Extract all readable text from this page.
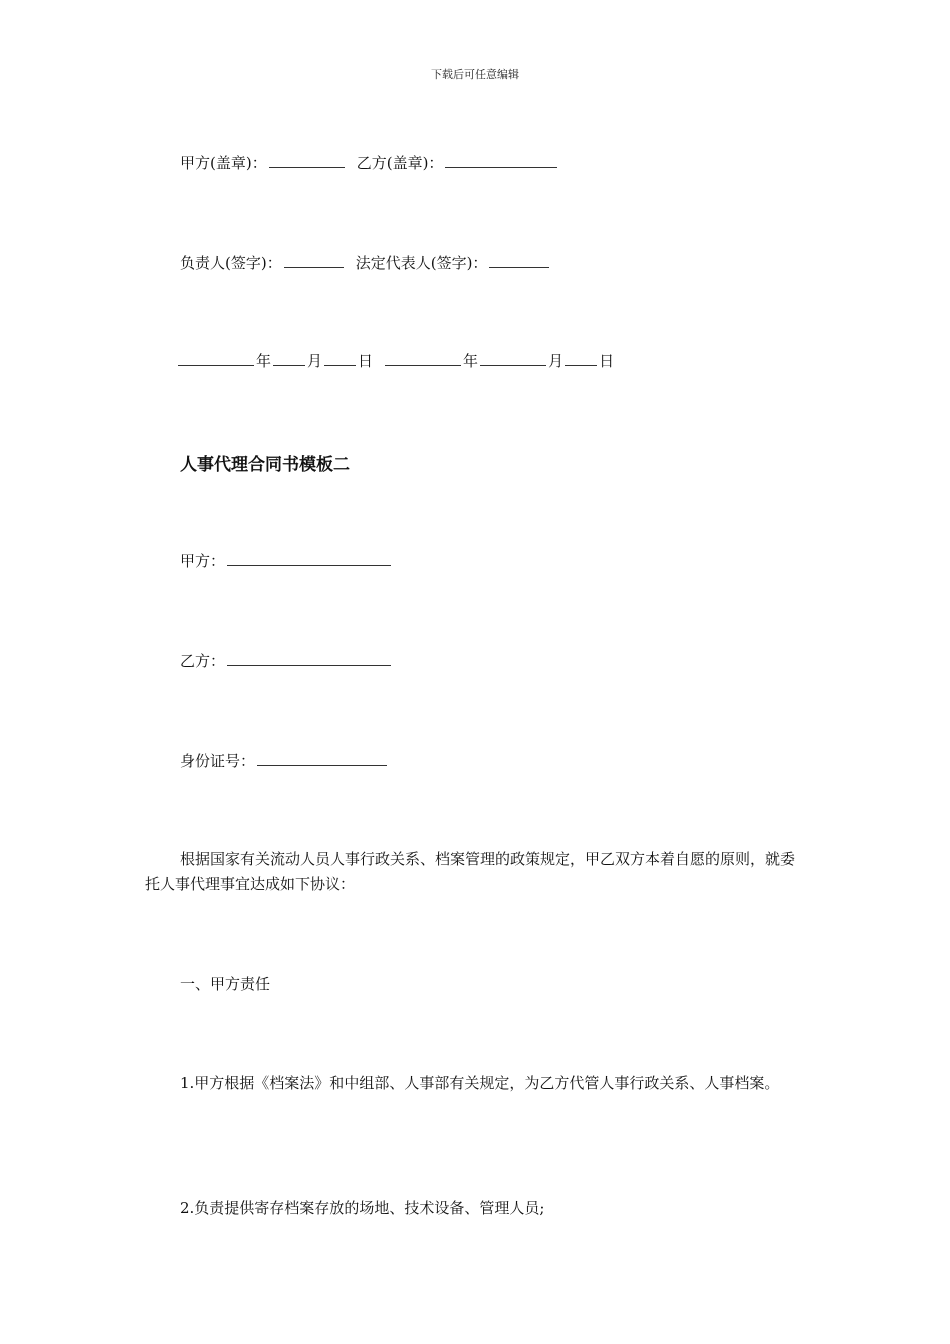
下载后可任意编辑
甲方(盖章)：	乙方(盖章)：
负责人(签字)：	法定代表人(签字)：
年 月 日	年	月 日
人事代理合同书模板二
甲方：
乙方：
身份证号：
根据国家有关流动人员人事行政关系、档案管理的政策规定，甲乙双方本着自愿的原则，就委托人事代理事宜达成如下协议：
一、甲方责任
1.甲方根据《档案法》和中组部、人事部有关规定，为乙方代管人事行政关系、人事档案。
2.负责提供寄存档案存放的场地、技术设备、管理人员;
